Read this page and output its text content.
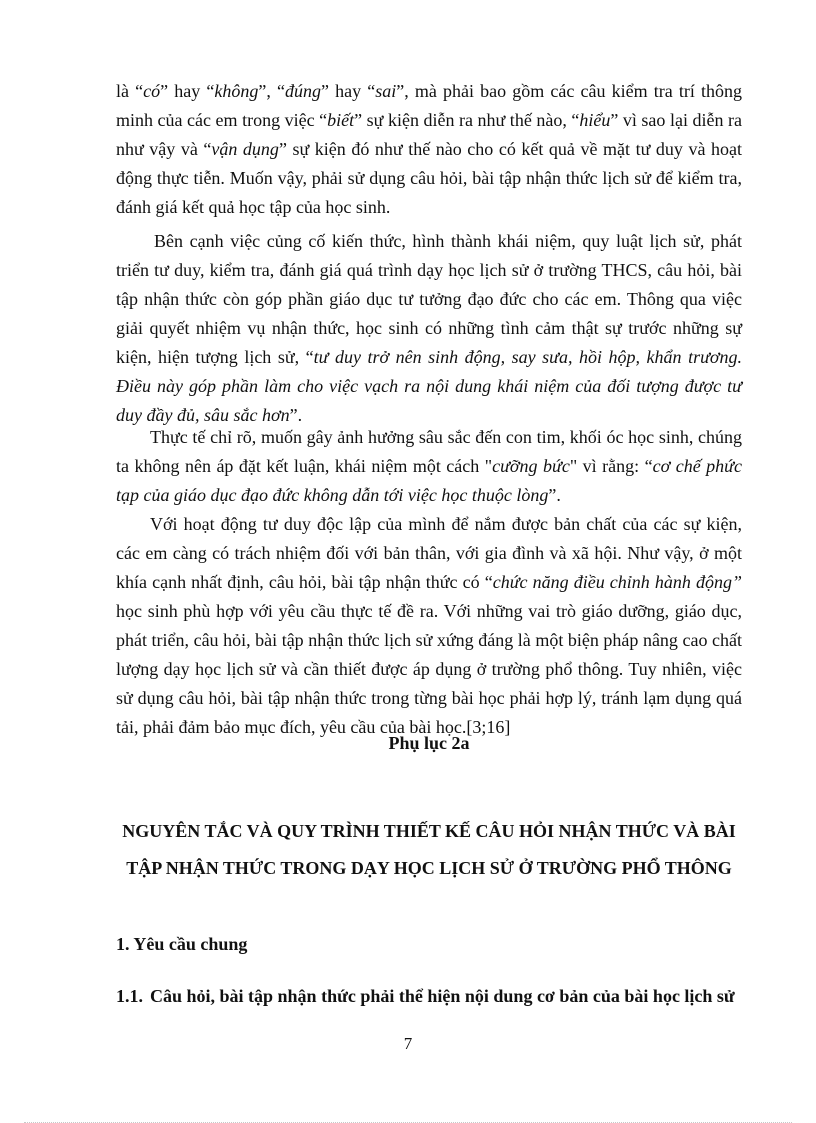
là “có” hay “không”, “đúng” hay “sai”, mà phải bao gồm các câu kiểm tra trí thông minh của các em trong việc “biết” sự kiện diễn ra như thế nào, “hiểu” vì sao lại diễn ra như vậy và “vận dụng” sự kiện đó như thế nào cho có kết quả về mặt tư duy và hoạt động thực tiễn. Muốn vậy, phải sử dụng câu hỏi, bài tập nhận thức lịch sử để kiểm tra, đánh giá kết quả học tập của học sinh.
Bên cạnh việc củng cố kiến thức, hình thành khái niệm, quy luật lịch sử, phát triển tư duy, kiểm tra, đánh giá quá trình dạy học lịch sử ở trường THCS, câu hỏi, bài tập nhận thức còn góp phần giáo dục tư tưởng đạo đức cho các em. Thông qua việc giải quyết nhiệm vụ nhận thức, học sinh có những tình cảm thật sự trước những sự kiện, hiện tượng lịch sử, “tư duy trở nên sinh động, say sưa, hồi hộp, khẩn trương. Điều này góp phần làm cho việc vạch ra nội dung khái niệm của đối tượng được tư duy đầy đủ, sâu sắc hơn”.
Thực tế chỉ rõ, muốn gây ảnh hưởng sâu sắc đến con tim, khối óc học sinh, chúng ta không nên áp đặt kết luận, khái niệm một cách "cưỡng bức" vì rằng: “cơ chế phức tạp của giáo dục đạo đức không dẫn tới việc học thuộc lòng”.
Với hoạt động tư duy độc lập của mình để nắm được bản chất của các sự kiện, các em càng có trách nhiệm đối với bản thân, với gia đình và xã hội. Như vậy, ở một khía cạnh nhất định, câu hỏi, bài tập nhận thức có “chức năng điều chỉnh hành động” học sinh phù hợp với yêu cầu thực tế đề ra. Với những vai trò giáo dưỡng, giáo dục, phát triển, câu hỏi, bài tập nhận thức lịch sử xứng đáng là một biện pháp nâng cao chất lượng dạy học lịch sử và cần thiết được áp dụng ở trường phổ thông. Tuy nhiên, việc sử dụng câu hỏi, bài tập nhận thức trong từng bài học phải hợp lý, tránh lạm dụng quá tải, phải đảm bảo mục đích, yêu cầu của bài học.[3;16]
Phụ lục 2a
NGUYÊN TẮC VÀ QUY TRÌNH THIẾT KẾ CÂU HỎI NHẬN THỨC VÀ BÀI TẬP NHẬN THỨC TRONG DẠY HỌC LỊCH SỬ Ở TRƯỜNG PHỔ THÔNG
1. Yêu cầu chung
1.1. Câu hỏi, bài tập nhận thức phải thể hiện nội dung cơ bản của bài học lịch sử
7
